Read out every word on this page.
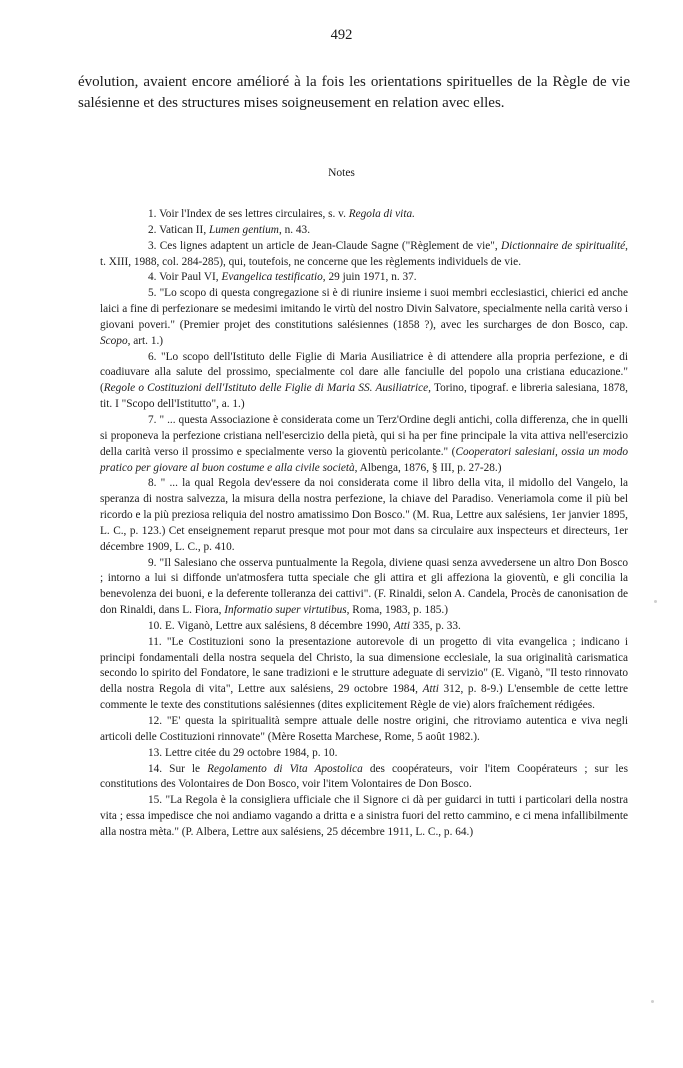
492

évolution, avaient encore amélioré à la fois les orientations spirituelles de la Règle de vie salésienne et des structures mises soigneusement en relation avec elles.

Notes

1. Voir l'Index de ses lettres circulaires, s. v. Regola di vita.

2. Vatican II, Lumen gentium, n. 43.

3. Ces lignes adaptent un article de Jean-Claude Sagne ("Règlement de vie", Dictionnaire de spiritualité, t. XIII, 1988, col. 284-285), qui, toutefois, ne concerne que les règlements individuels de vie.

4. Voir Paul VI, Evangelica testificatio, 29 juin 1971, n. 37.

5. "Lo scopo di questa congregazione si è di riunire insieme i suoi membri ecclesiastici, chierici ed anche laici a fine di perfezionare se medesimi imitando le virtù del nostro Divin Salvatore, specialmente nella carità verso i giovani poveri." (Premier projet des constitutions salésiennes (1858 ?), avec les surcharges de don Bosco, cap. Scopo, art. 1.)

6. "Lo scopo dell'Istituto delle Figlie di Maria Ausiliatrice è di attendere alla propria perfezione, e di coadiuvare alla salute del prossimo, specialmente col dare alle fanciulle del popolo una cristiana educazione." (Regole o Costituzioni dell'Istituto delle Figlie di Maria SS. Ausiliatrice, Torino, tipograf. e libreria salesiana, 1878, tit. I "Scopo dell'Istitutto", a. 1.)

7. " ... questa Associazione è considerata come un Terz'Ordine degli antichi, colla differenza, che in quelli si proponeva la perfezione cristiana nell'esercizio della pietà, qui si ha per fine principale la vita attiva nell'esercizio della carità verso il prossimo e specialmente verso la gioventù pericolante." (Cooperatori salesiani, ossia un modo pratico per giovare al buon costume e alla civile società, Albenga, 1876, § III, p. 27-28.)

8. " ... la qual Regola dev'essere da noi considerata come il libro della vita, il midollo del Vangelo, la speranza di nostra salvezza, la misura della nostra perfezione, la chiave del Paradiso. Veneriamola come il più bel ricordo e la più preziosa reliquia del nostro amatissimo Don Bosco." (M. Rua, Lettre aux salésiens, 1er janvier 1895, L. C., p. 123.) Cet enseignement reparut presque mot pour mot dans sa circulaire aux inspecteurs et directeurs, 1er décembre 1909, L. C., p. 410.

9. "Il Salesiano che osserva puntualmente la Regola, diviene quasi senza avvedersene un altro Don Bosco ; intorno a lui si diffonde un'atmosfera tutta speciale che gli attira et gli affeziona la gioventù, e gli concilia la benevolenza dei buoni, e la deferente tolleranza dei cattivi". (F. Rinaldi, selon A. Candela, Procès de canonisation de don Rinaldi, dans L. Fiora, Informatio super virtutibus, Roma, 1983, p. 185.)

10. E. Viganò, Lettre aux salésiens, 8 décembre 1990, Atti 335, p. 33.

11. "Le Costituzioni sono la presentazione autorevole di un progetto di vita evangelica ; indicano i principi fondamentali della nostra sequela del Christo, la sua dimensione ecclesiale, la sua originalità carismatica secondo lo spirito del Fondatore, le sane tradizioni e le strutture adeguate di servizio" (E. Viganò, "Il testo rinnovato della nostra Regola di vita", Lettre aux salésiens, 29 octobre 1984, Atti 312, p. 8-9.) L'ensemble de cette lettre commente le texte des constitutions salésiennes (dites explicitement Règle de vie) alors fraîchement rédigées.

12. "E' questa la spiritualità sempre attuale delle nostre origini, che ritroviamo autentica e viva negli articoli delle Costituzioni rinnovate" (Mère Rosetta Marchese, Rome, 5 août 1982.).

13. Lettre citée du 29 octobre 1984, p. 10.

14. Sur le Regolamento di Vita Apostolica des coopérateurs, voir l'item Coopérateurs ; sur les constitutions des Volontaires de Don Bosco, voir l'item Volontaires de Don Bosco.

15. "La Regola è la consigliera ufficiale che il Signore ci dà per guidarci in tutti i particolari della nostra vita ; essa impedisce che noi andiamo vagando a dritta e a sinistra fuori del retto cammino, e ci mena infallibilmente alla nostra mèta." (P. Albera, Lettre aux salésiens, 25 décembre 1911, L. C., p. 64.)
